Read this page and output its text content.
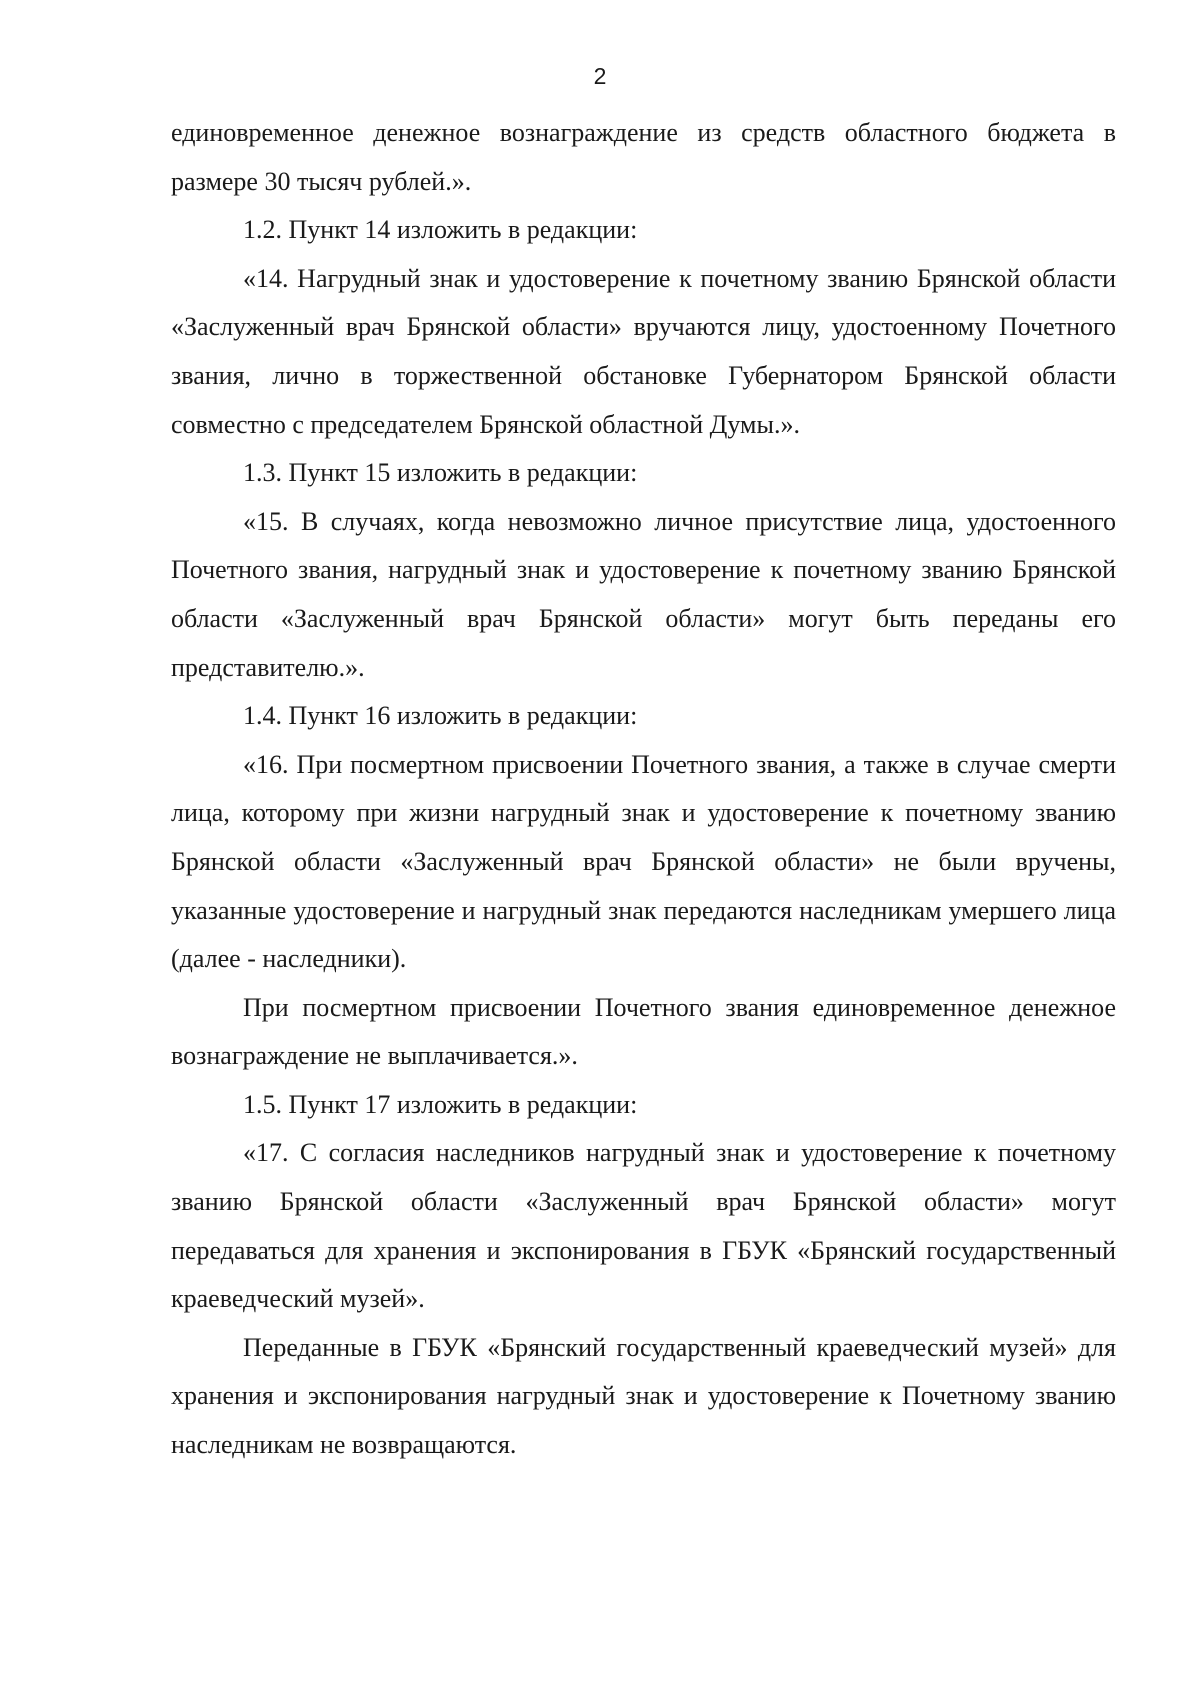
2

единовременное денежное вознаграждение из средств областного бюджета в размере 30 тысяч рублей.».

1.2. Пункт 14 изложить в редакции:

«14. Нагрудный знак и удостоверение к почетному званию Брянской области «Заслуженный врач Брянской области» вручаются лицу, удостоенному Почетного звания, лично в торжественной обстановке Губернатором Брянской области совместно с председателем Брянской областной Думы.».

1.3. Пункт 15 изложить в редакции:

«15. В случаях, когда невозможно личное присутствие лица, удостоенного Почетного звания, нагрудный знак и удостоверение к почетному званию Брянской области «Заслуженный врач Брянской области» могут быть переданы его представителю.».

1.4. Пункт 16 изложить в редакции:

«16. При посмертном присвоении Почетного звания, а также в случае смерти лица, которому при жизни нагрудный знак и удостоверение к почетному званию Брянской области «Заслуженный врач Брянской области» не были вручены, указанные удостоверение и нагрудный знак передаются наследникам умершего лица (далее - наследники).

При посмертном присвоении Почетного звания единовременное денежное вознаграждение не выплачивается.».

1.5. Пункт 17 изложить в редакции:

«17. С согласия наследников нагрудный знак и удостоверение к почетному званию Брянской области «Заслуженный врач Брянской области» могут передаваться для хранения и экспонирования в ГБУК «Брянский государственный краеведческий музей».

Переданные в ГБУК «Брянский государственный краеведческий музей» для хранения и экспонирования нагрудный знак и удостоверение к Почетному званию наследникам не возвращаются.
